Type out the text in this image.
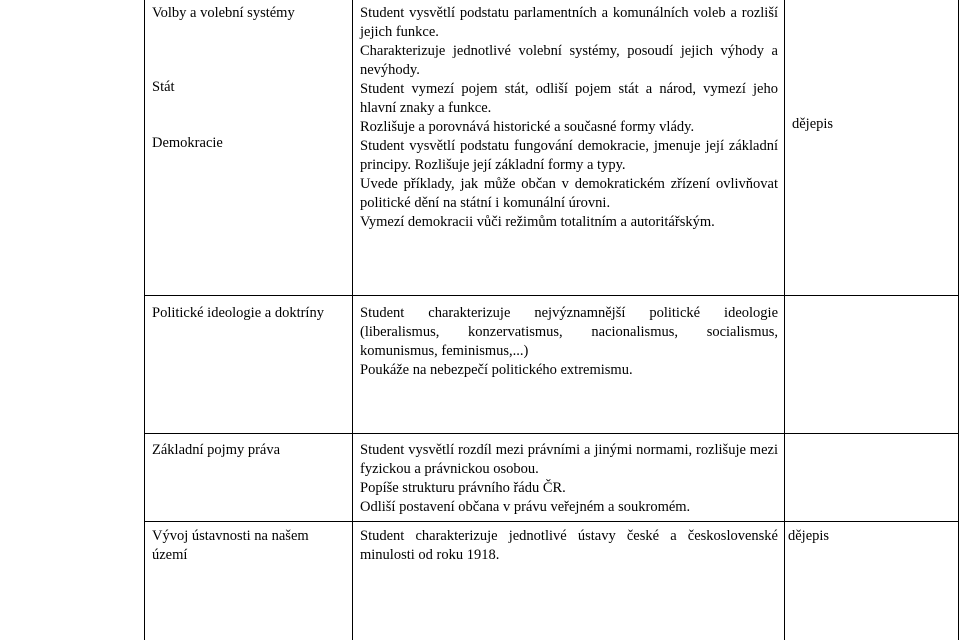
Volby a volební systémy
Stát
Demokracie
Student vysvětlí podstatu parlamentních a komunálních voleb a rozliší jejich funkce.
Charakterizuje jednotlivé volební systémy, posoudí jejich výhody a nevýhody.
Student vymezí pojem stát, odliší pojem stát a národ, vymezí jeho hlavní znaky a funkce.
Rozlišuje a porovnává historické a současné formy vlády.
Student vysvětlí podstatu fungování demokracie, jmenuje její základní principy. Rozlišuje její základní formy a typy.
Uvede příklady, jak může občan v demokratickém zřízení ovlivňovat politické dění na státní i komunální úrovni.
Vymezí demokracii vůči režimům totalitním a autoritářským.
dějepis
Politické ideologie a doktríny	Student charakterizuje nejvýznamnější politické ideologie (liberalismus, konzervatismus, nacionalismus, socialismus, komunismus, feminismus,...)
Poukáže na nebezpečí politického extremismu.
Základní pojmy práva	Student vysvětlí rozdíl mezi právními a jinými normami, rozlišuje mezi fyzickou a právnickou osobou.
Popíše strukturu právního řádu ČR.
Odliší postavení občana v právu veřejném a soukromém.
Vývoj ústavnosti na našem území
Student charakterizuje jednotlivé ústavy české a československé minulosti od roku 1918.
dějepis
